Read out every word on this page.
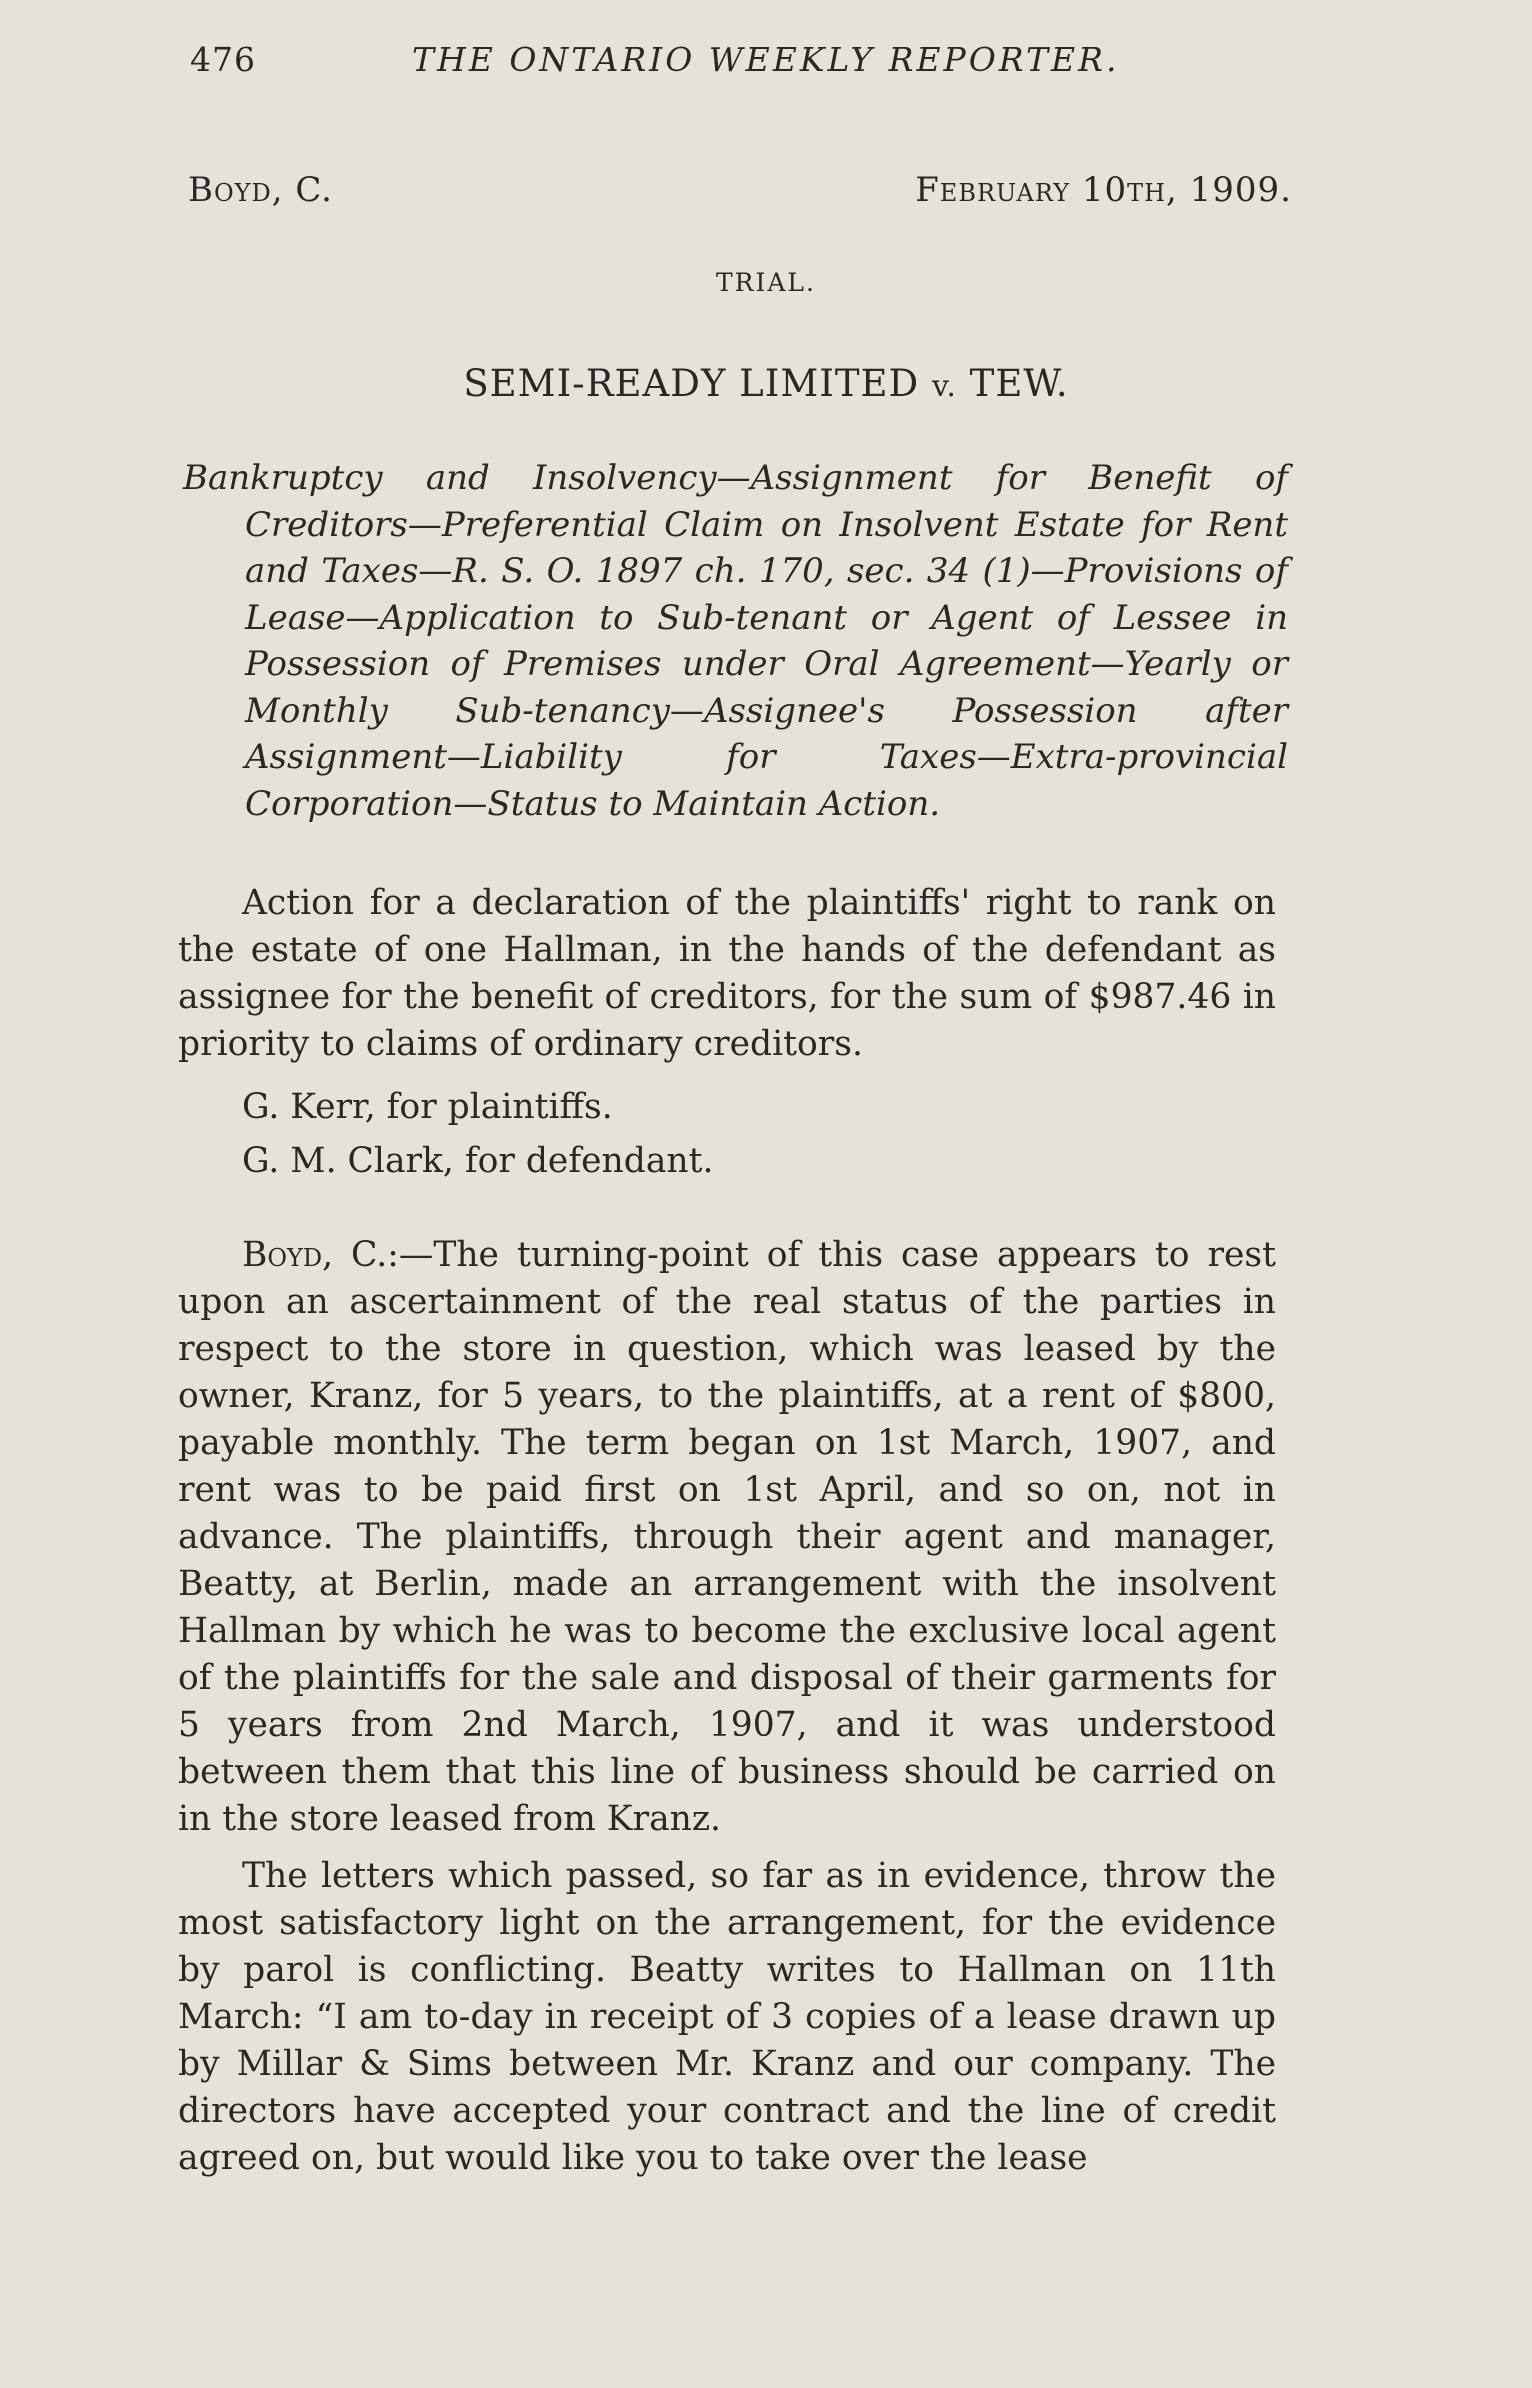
476	THE ONTARIO WEEKLY REPORTER.
Boyd, C.	February 10th, 1909.
TRIAL.
SEMI-READY LIMITED v. TEW.
Bankruptcy and Insolvency—Assignment for Benefit of Creditors—Preferential Claim on Insolvent Estate for Rent and Taxes—R. S. O. 1897 ch. 170, sec. 34 (1)—Provisions of Lease—Application to Sub-tenant or Agent of Lessee in Possession of Premises under Oral Agreement—Yearly or Monthly Sub-tenancy—Assignee's Possession after Assignment—Liability for Taxes—Extra-provincial Corporation—Status to Maintain Action.

Action for a declaration of the plaintiffs' right to rank on the estate of one Hallman, in the hands of the defendant as assignee for the benefit of creditors, for the sum of $987.46 in priority to claims of ordinary creditors.

G. Kerr, for plaintiffs.
G. M. Clark, for defendant.

Boyd, C.:—The turning-point of this case appears to rest upon an ascertainment of the real status of the parties in respect to the store in question, which was leased by the owner, Kranz, for 5 years, to the plaintiffs, at a rent of $800, payable monthly. The term began on 1st March, 1907, and rent was to be paid first on 1st April, and so on, not in advance. The plaintiffs, through their agent and manager, Beatty, at Berlin, made an arrangement with the insolvent Hallman by which he was to become the exclusive local agent of the plaintiffs for the sale and disposal of their garments for 5 years from 2nd March, 1907, and it was understood between them that this line of business should be carried on in the store leased from Kranz.

The letters which passed, so far as in evidence, throw the most satisfactory light on the arrangement, for the evidence by parol is conflicting. Beatty writes to Hallman on 11th March: “I am to-day in receipt of 3 copies of a lease drawn up by Millar & Sims between Mr. Kranz and our company. The directors have accepted your contract and the line of credit agreed on, but would like you to take over the lease
